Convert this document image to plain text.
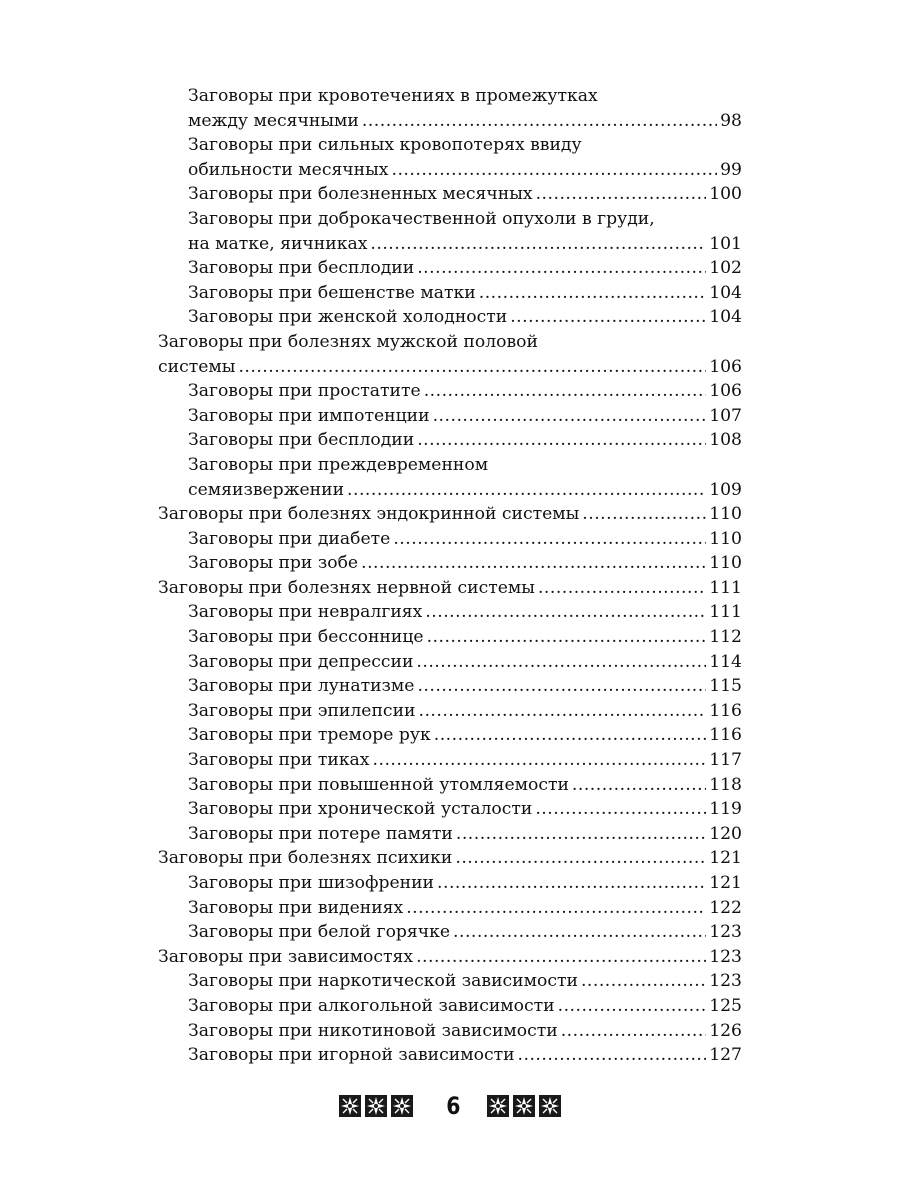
Заговоры при кровотечениях в промежутках
между месячными .....	98
Заговоры при сильных кровопотерях ввиду
обильности месячных .....	99
Заговоры при болезненных месячных .....	100
Заговоры при доброкачественной опухоли в груди,
на матке, яичниках .....	101
Заговоры при бесплодии .....	102
Заговоры при бешенстве матки .....	104
Заговоры при женской холодности .....	104
Заговоры при болезнях мужской половой
системы .....	106
Заговоры при простатите .....	106
Заговоры при импотенции .....	107
Заговоры при бесплодии .....	108
Заговоры при преждевременном
семяизвержении .....	109
Заговоры при болезнях эндокринной системы .....	110
Заговоры при диабете .....	110
Заговоры при зобе .....	110
Заговоры при болезнях нервной системы .....	111
Заговоры при невралгиях .....	111
Заговоры при бессоннице .....	112
Заговоры при депрессии .....	114
Заговоры при лунатизме .....	115
Заговоры при эпилепсии .....	116
Заговоры при треморе рук .....	116
Заговоры при тиках .....	117
Заговоры при повышенной утомляемости .....	118
Заговоры при хронической усталости .....	119
Заговоры при потере памяти .....	120
Заговоры при болезнях психики .....	121
Заговоры при шизофрении .....	121
Заговоры при видениях .....	122
Заговоры при белой горячке .....	123
Заговоры при зависимостях .....	123
Заговоры при наркотической зависимости .....	123
Заговоры при алкогольной зависимости .....	125
Заговоры при никотиновой зависимости .....	126
Заговоры при игорной зависимости .....	127
6
